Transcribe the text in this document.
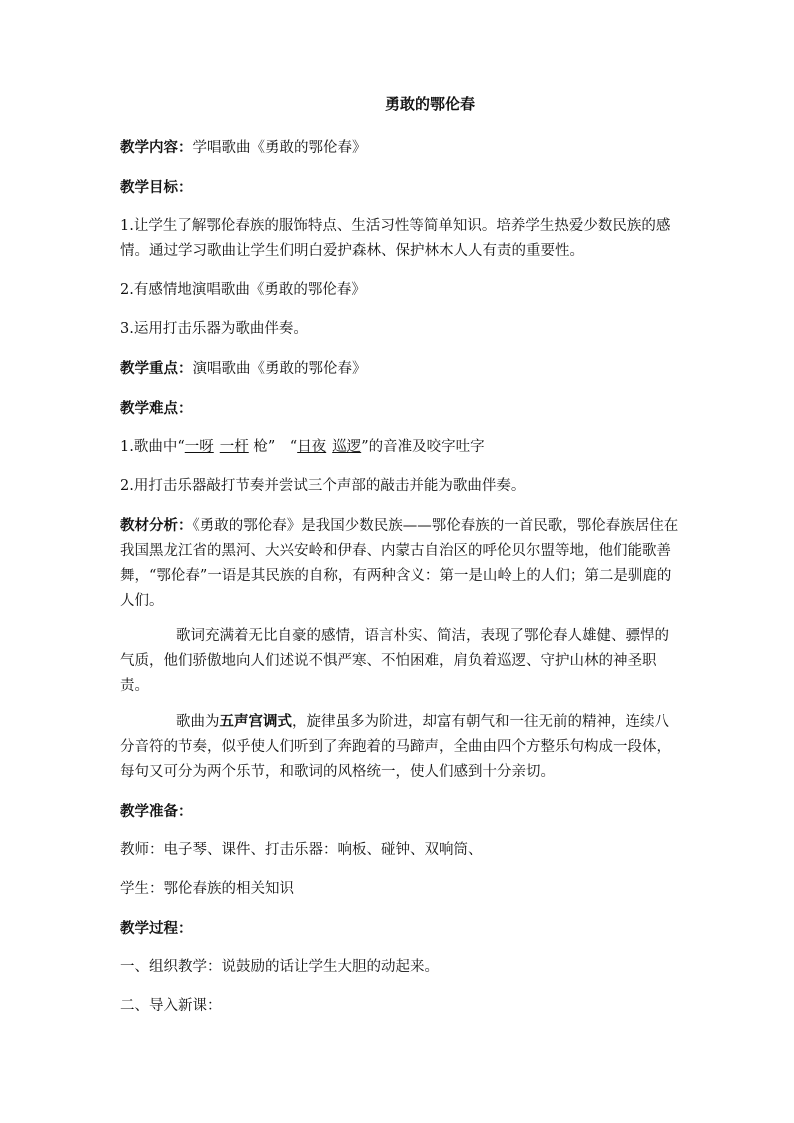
勇敢的鄂伦春
教学内容：学唱歌曲《勇敢的鄂伦春》
教学目标：
1.让学生了解鄂伦春族的服饰特点、生活习性等简单知识。培养学生热爱少数民族的感情。通过学习歌曲让学生们明白爱护森林、保护林木人人有责的重要性。
2.有感情地演唱歌曲《勇敢的鄂伦春》
3.运用打击乐器为歌曲伴奏。
教学重点：演唱歌曲《勇敢的鄂伦春》
教学难点：
1.歌曲中“一呀 一杆 枪”　“日夜 巡逻”的音准及咬字吐字
2.用打击乐器敲打节奏并尝试三个声部的敲击并能为歌曲伴奏。
教材分析：《勇敢的鄂伦春》是我国少数民族——鄂伦春族的一首民歌，鄂伦春族居住在我国黑龙江省的黑河、大兴安岭和伊春、内蒙古自治区的呼伦贝尔盟等地，他们能歌善舞，“鄂伦春”一语是其民族的自称，有两种含义：第一是山岭上的人们；第二是驯鹿的人们。
歌词充满着无比自豪的感情，语言朴实、简洁，表现了鄂伦春人雄健、骠悍的气质，他们骄傲地向人们述说不惧严寒、不怕困难，肩负着巡逻、守护山林的神圣职责。
歌曲为五声宫调式，旋律虽多为阶进，却富有朝气和一往无前的精神，连续八分音符的节奏，似乎使人们听到了奔跑着的马蹄声，全曲由四个方整乐句构成一段体，每句又可分为两个乐节，和歌词的风格统一，使人们感到十分亲切。
教学准备：
教师：电子琴、课件、打击乐器：响板、碰钟、双响筒、
学生：鄂伦春族的相关知识
教学过程：
一、组织教学：说鼓励的话让学生大胆的动起来。
二、导入新课：
